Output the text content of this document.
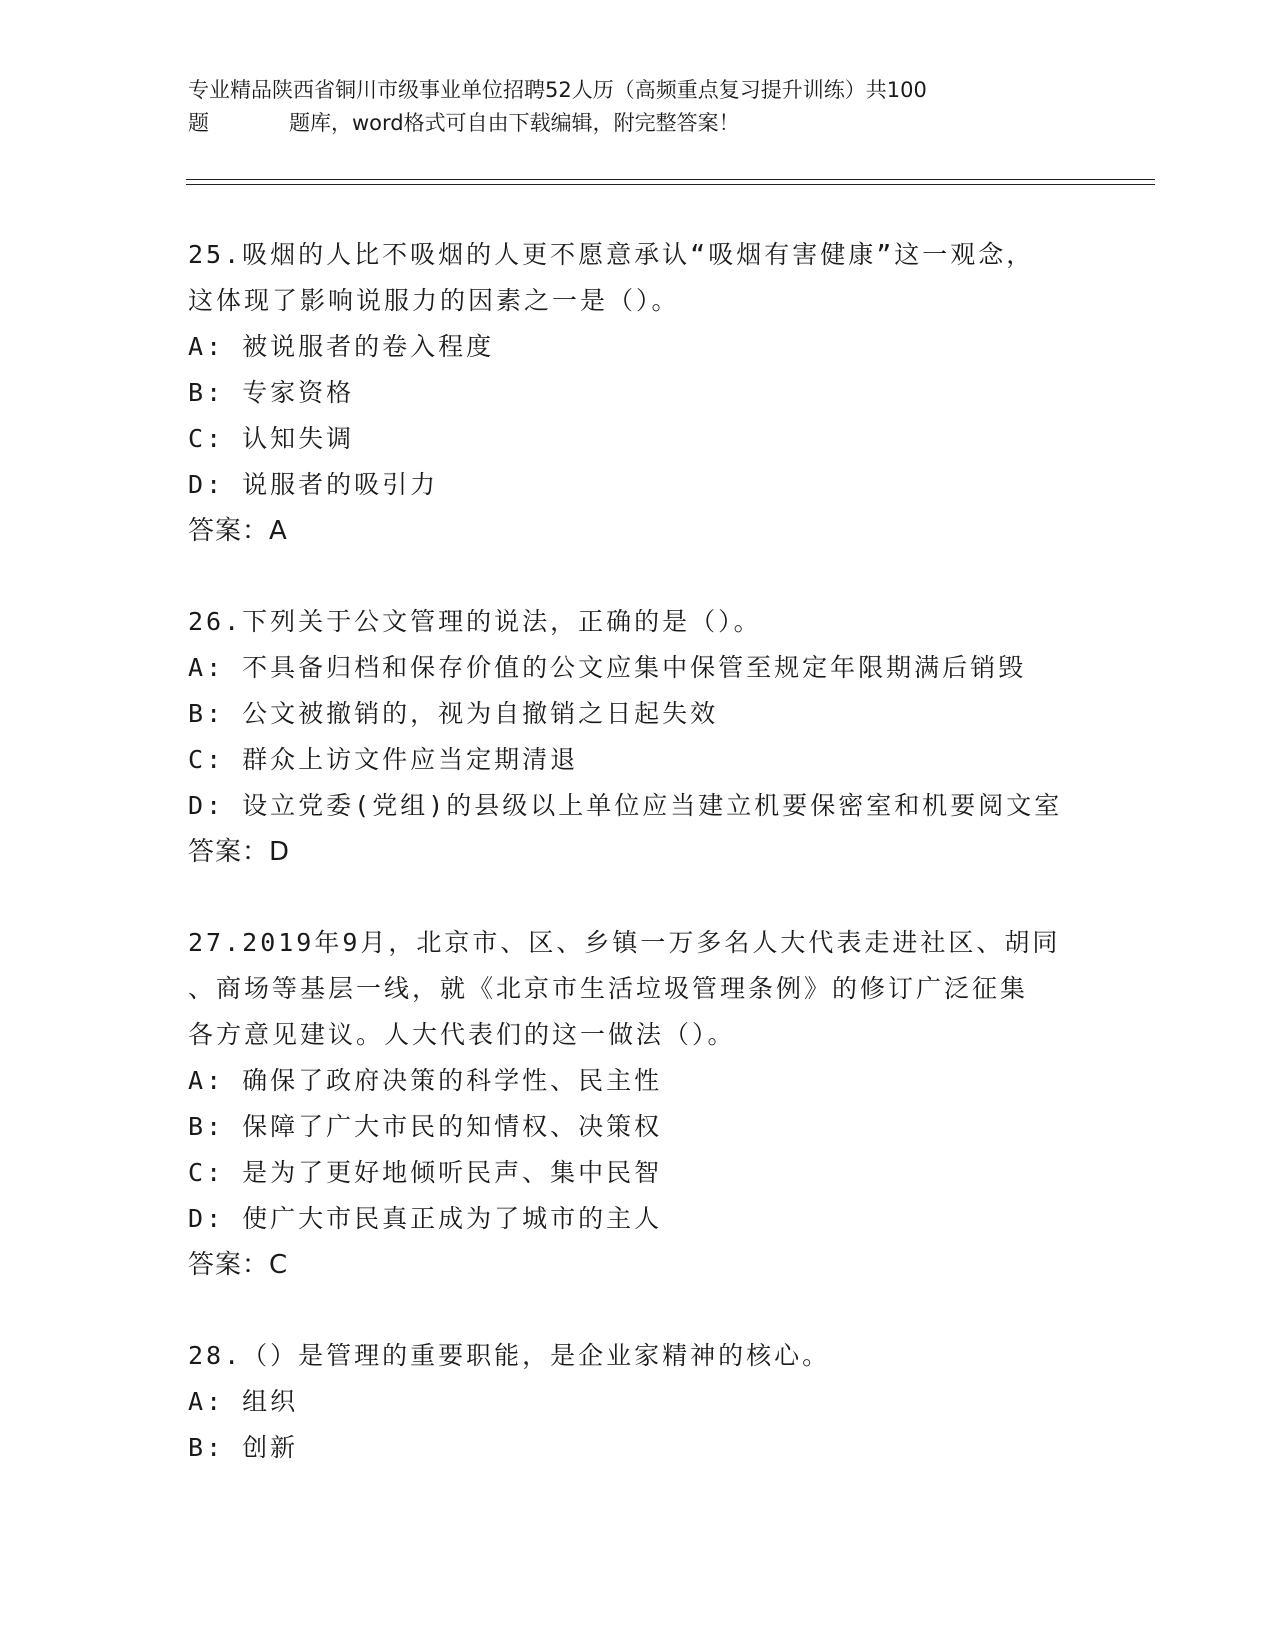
专业精品陕西省铜川市级事业单位招聘52人历（高频重点复习提升训练）共100
题	题库，word格式可自由下载编辑，附完整答案！
25.吸烟的人比不吸烟的人更不愿意承认“吸烟有害健康”这一观念，
这体现了影响说服力的因素之一是（）。
A: 被说服者的卷入程度
B: 专家资格
C: 认知失调
D: 说服者的吸引力
答案：A
26.下列关于公文管理的说法，正确的是（）。
A: 不具备归档和保存价值的公文应集中保管至规定年限期满后销毁
B: 公文被撤销的，视为自撤销之日起失效
C: 群众上访文件应当定期清退
D: 设立党委(党组)的县级以上单位应当建立机要保密室和机要阅文室
答案：D
27.2019年9月，北京市、区、乡镇一万多名人大代表走进社区、胡同
、商场等基层一线，就《北京市生活垃圾管理条例》的修订广泛征集
各方意见建议。人大代表们的这一做法（）。
A: 确保了政府决策的科学性、民主性
B: 保障了广大市民的知情权、决策权
C: 是为了更好地倾听民声、集中民智
D: 使广大市民真正成为了城市的主人
答案：C
28.（）是管理的重要职能，是企业家精神的核心。
A: 组织
B: 创新
